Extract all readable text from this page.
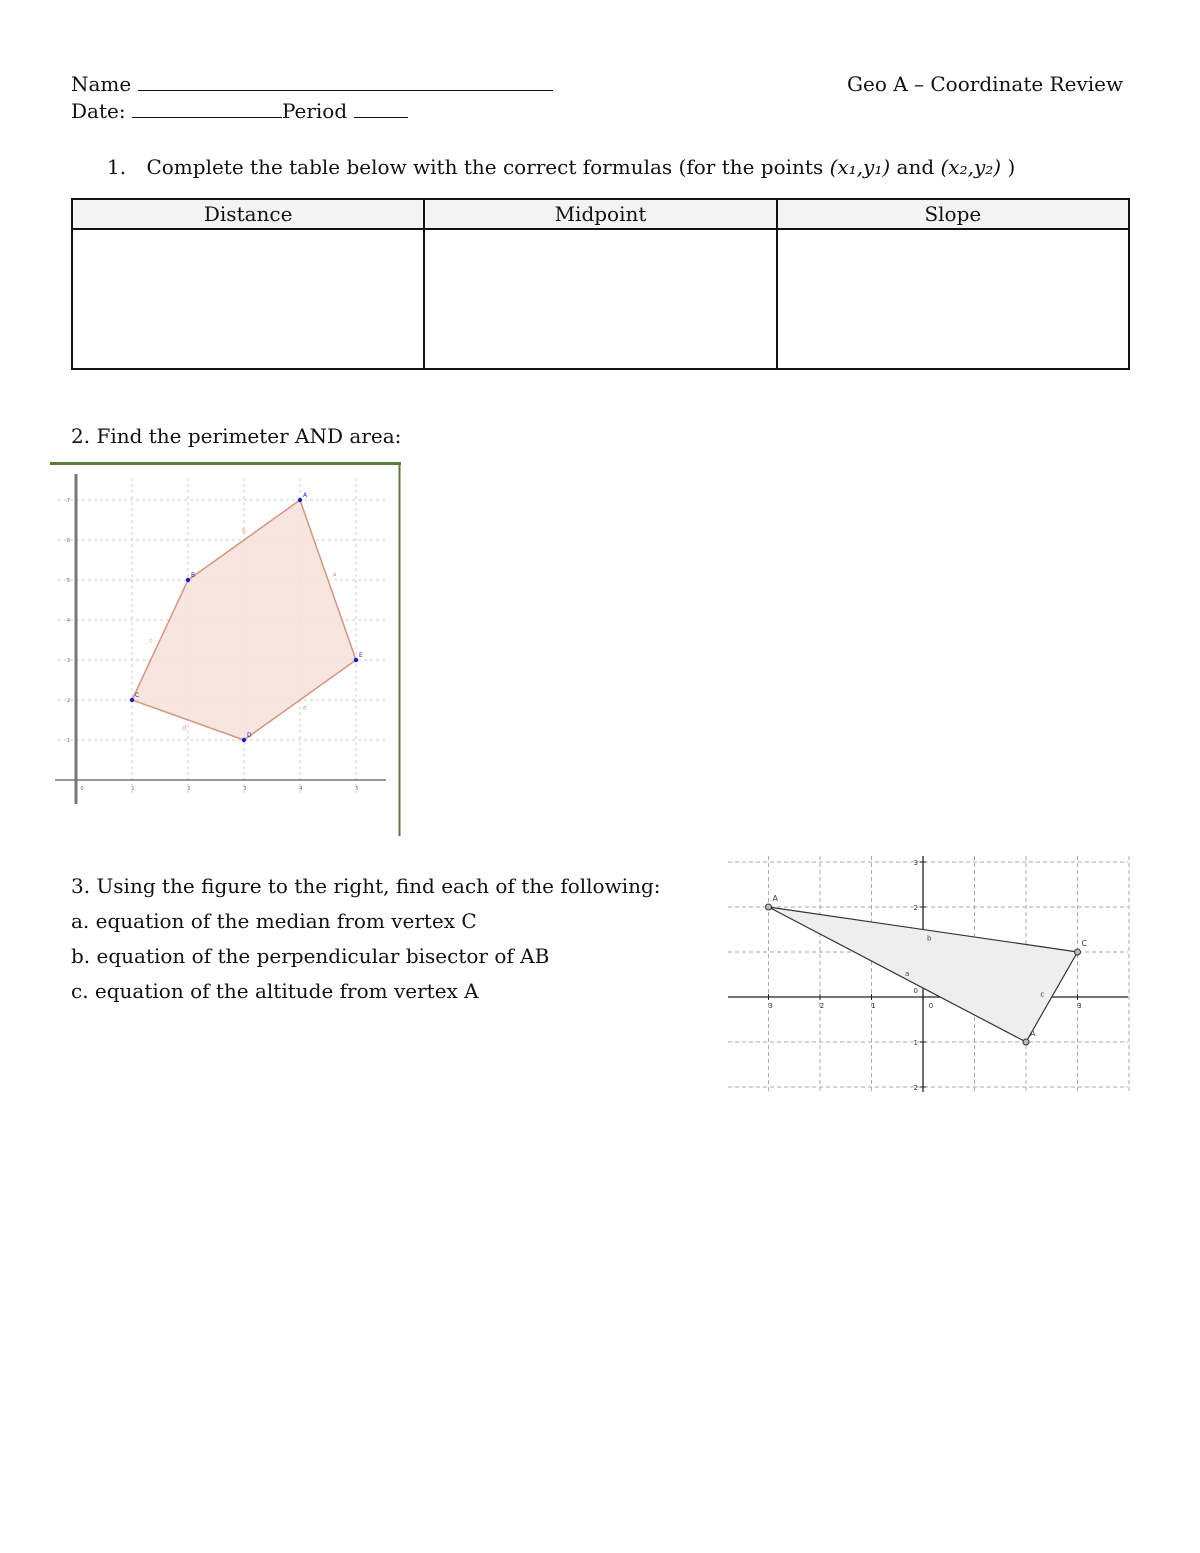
Name	Geo A – Coordinate Review
Date:	Period
1. Complete the table below with the correct formulas (for the points (x₁,y₁) and (x₂,y₂) )
Distance	Midpoint	Slope

2. Find the perimeter AND area:
0	1	2	3	4	5
1
2
3
4
5
6
7
a
e
d
c
b
A
E
D
C
B
3. Using the figure to the right, find each of the following:
a. equation of the median from vertex C
b. equation of the perpendicular bisector of AB
c. equation of the altitude from vertex A
3	2	1	0	3
3
2
0
1
2
b
c
a
A
C
A
